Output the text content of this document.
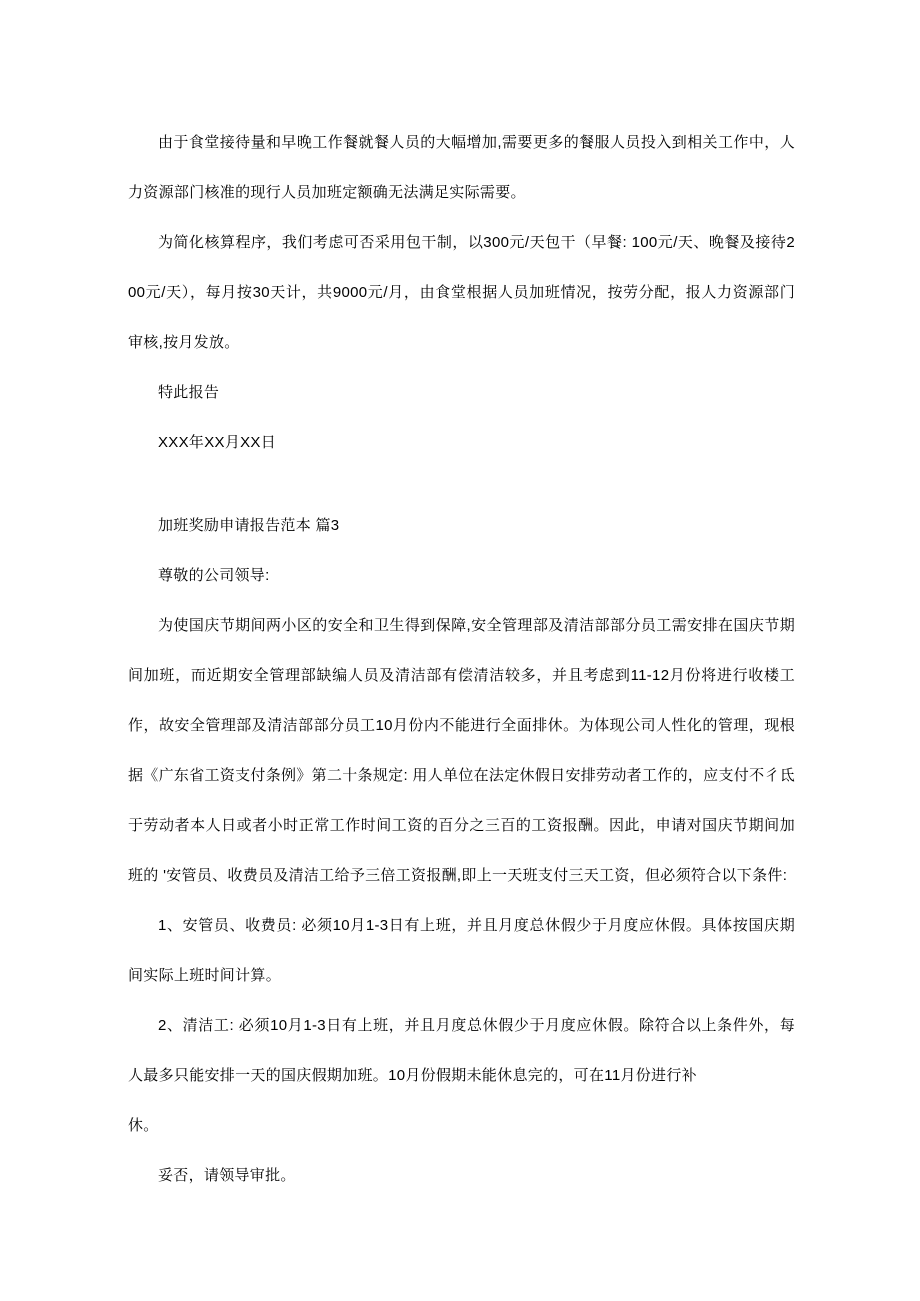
由于食堂接待量和早晚工作餐就餐人员的大幅增加,需要更多的餐服人员投入到相关工作中，人力资源部门核准的现行人员加班定额确无法满足实际需要。

为简化核算程序，我们考虑可否采用包干制，以300元/天包干（早餐: 100元/天、晚餐及接待200元/天），每月按30天计，共9000元/月，由食堂根据人员加班情况，按劳分配，报人力资源部门审核,按月发放。

特此报告

XXX年XX月XX日

加班奖励申请报告范本 篇3

尊敬的公司领导:

为使国庆节期间两小区的安全和卫生得到保障,安全管理部及清洁部部分员工需安排在国庆节期间加班，而近期安全管理部缺编人员及清洁部有偿清洁较多，并且考虑到11-12月份将进行收楼工作，故安全管理部及清洁部部分员工10月份内不能进行全面排休。为体现公司人性化的管理，现根据《广东省工资支付条例》第二十条规定: 用人单位在法定休假日安排劳动者工作的，应支付不彳氐于劳动者本人日或者小时正常工作时间工资的百分之三百的工资报酬。因此，申请对国庆节期间加班的 '安管员、收费员及清洁工给予三倍工资报酬,即上一天班支付三天工资，但必须符合以下条件:

1、安管员、收费员: 必须10月1-3日有上班，并且月度总休假少于月度应休假。具体按国庆期间实际上班时间计算。

2、清洁工: 必须10月1-3日有上班，并且月度总休假少于月度应休假。除符合以上条件外，每人最多只能安排一天的国庆假期加班。10月份假期未能休息完的，可在11月份进行补

休。

妥否，请领导审批。
